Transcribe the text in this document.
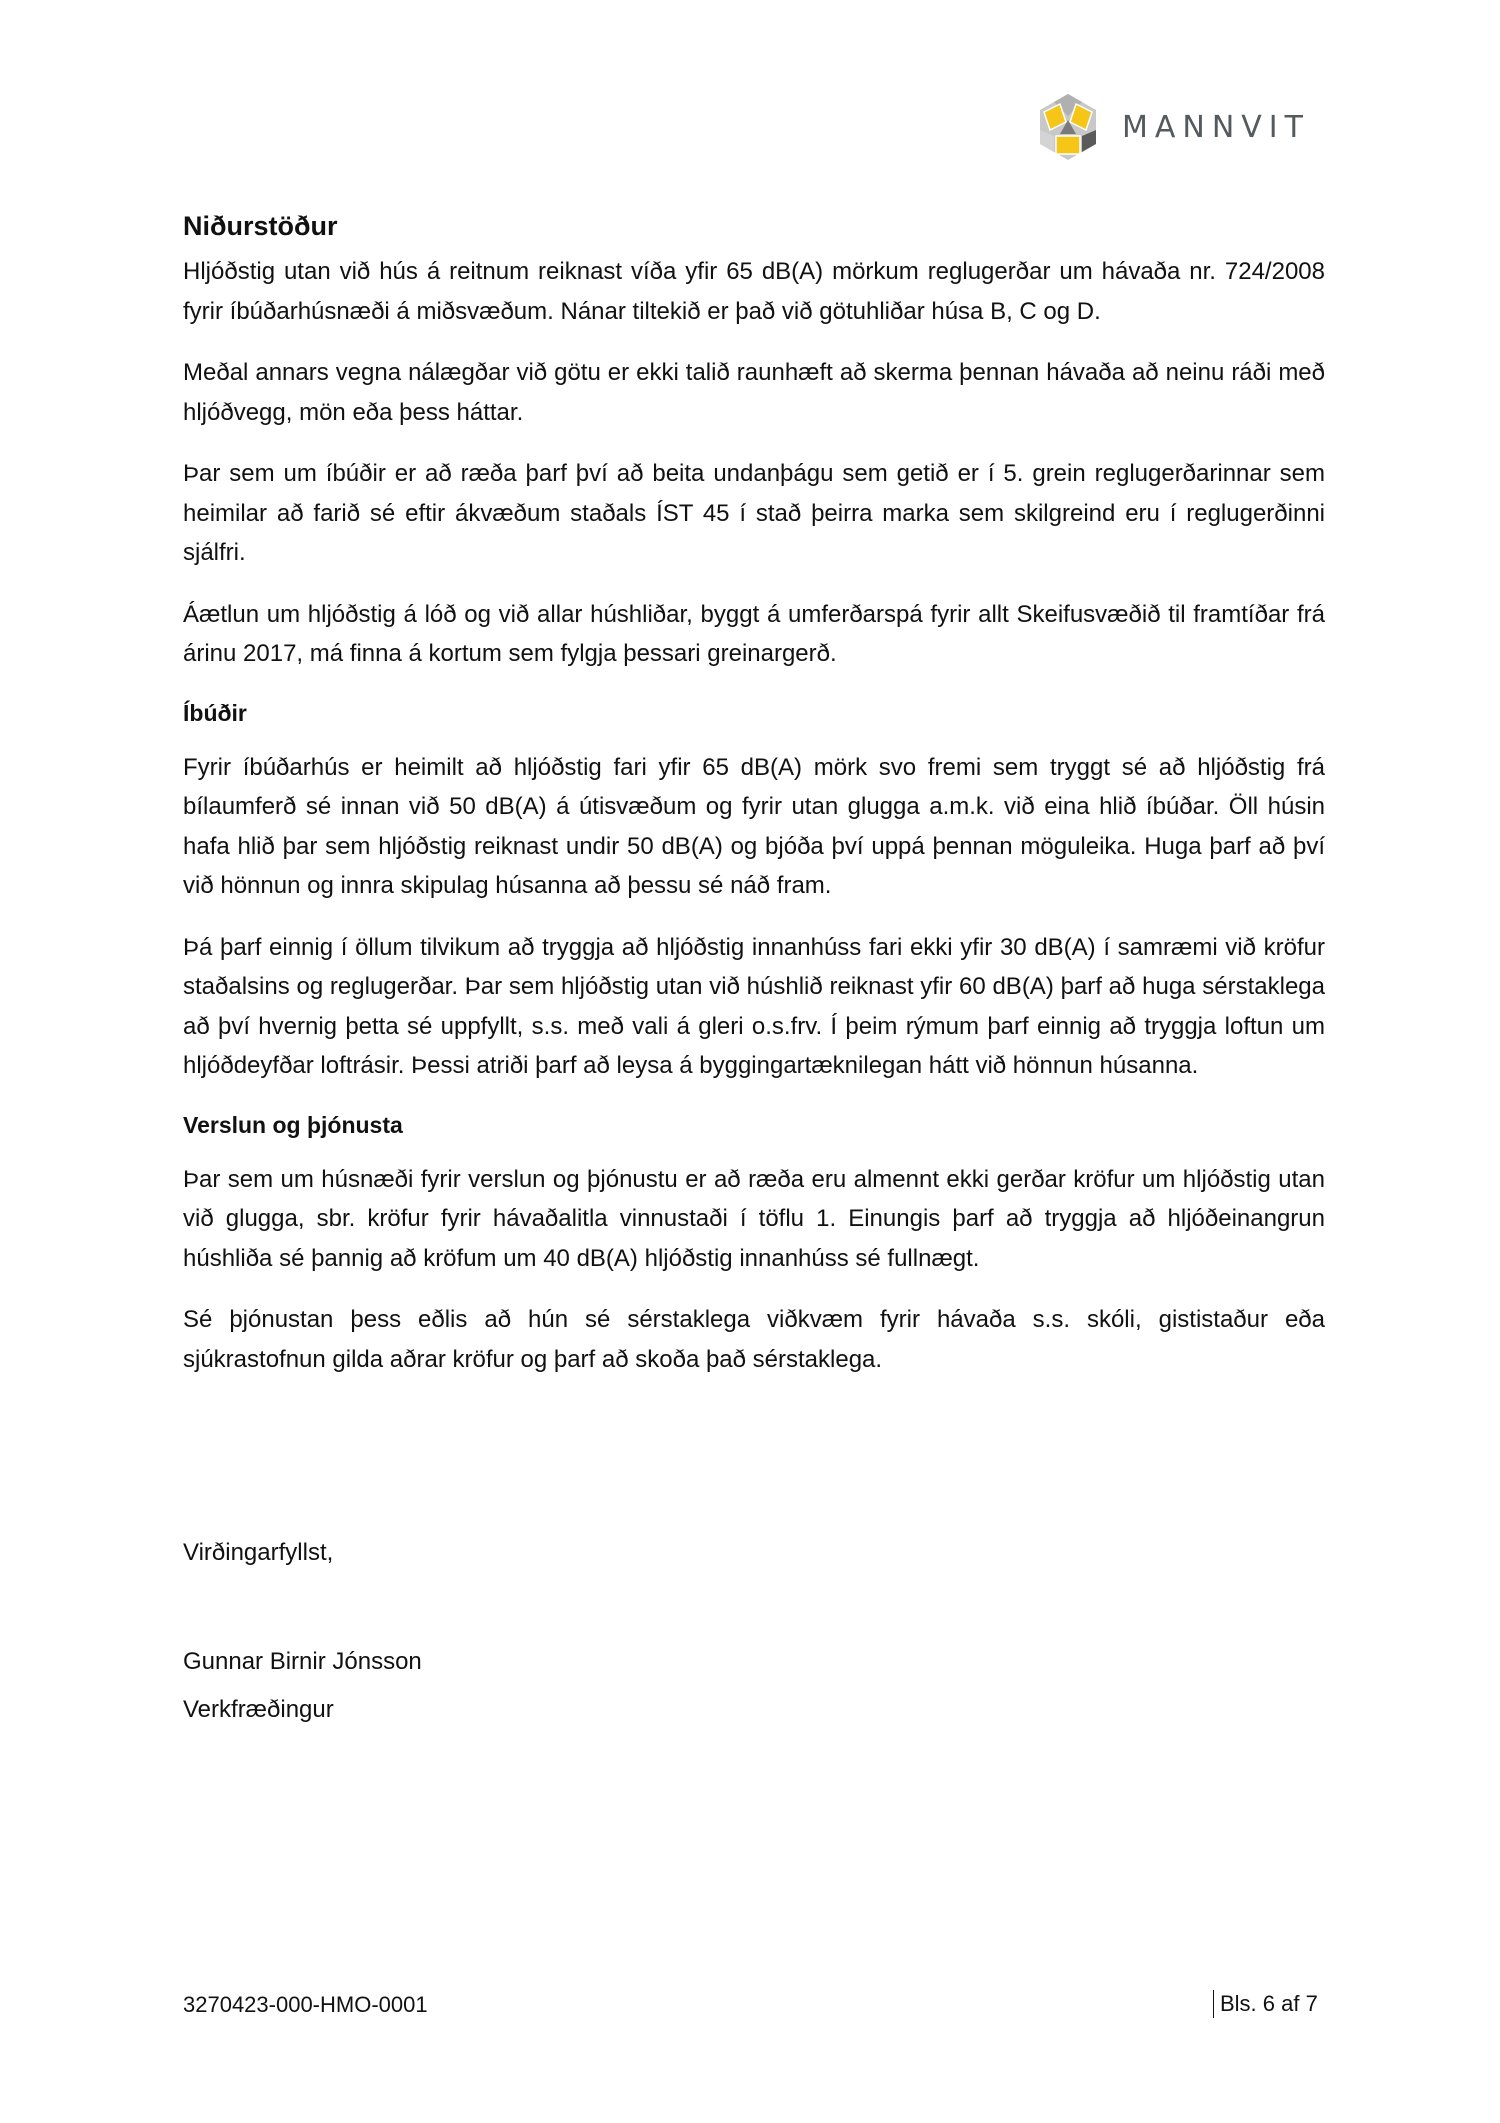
MANNVIT
Niðurstöður

Hljóðstig utan við hús á reitnum reiknast víða yfir 65 dB(A) mörkum reglugerðar um hávaða nr. 724/2008 fyrir íbúðarhúsnæði á miðsvæðum. Nánar tiltekið er það við götuhliðar húsa B, C og D.

Meðal annars vegna nálægðar við götu er ekki talið raunhæft að skerma þennan hávaða að neinu ráði með hljóðvegg, mön eða þess háttar.

Þar sem um íbúðir er að ræða þarf því að beita undanþágu sem getið er í 5. grein reglugerðarinnar sem heimilar að farið sé eftir ákvæðum staðals ÍST 45 í stað þeirra marka sem skilgreind eru í reglugerðinni sjálfri.

Áætlun um hljóðstig á lóð og við allar húshliðar, byggt á umferðarspá fyrir allt Skeifusvæðið til framtíðar frá árinu 2017, má finna á kortum sem fylgja þessari greinargerð.

Íbúðir

Fyrir íbúðarhús er heimilt að hljóðstig fari yfir 65 dB(A) mörk svo fremi sem tryggt sé að hljóðstig frá bílaumferð sé innan við 50 dB(A) á útisvæðum og fyrir utan glugga a.m.k. við eina hlið íbúðar. Öll húsin hafa hlið þar sem hljóðstig reiknast undir 50 dB(A) og bjóða því uppá þennan möguleika. Huga þarf að því við hönnun og innra skipulag húsanna að þessu sé náð fram.

Þá þarf einnig í öllum tilvikum að tryggja að hljóðstig innanhúss fari ekki yfir 30 dB(A) í samræmi við kröfur staðalsins og reglugerðar. Þar sem hljóðstig utan við húshlið reiknast yfir 60 dB(A) þarf að huga sérstaklega að því hvernig þetta sé uppfyllt, s.s. með vali á gleri o.s.frv. Í þeim rýmum þarf einnig að tryggja loftun um hljóðdeyfðar loftrásir. Þessi atriði þarf að leysa á byggingartæknilegan hátt við hönnun húsanna.

Verslun og þjónusta

Þar sem um húsnæði fyrir verslun og þjónustu er að ræða eru almennt ekki gerðar kröfur um hljóðstig utan við glugga, sbr. kröfur fyrir hávaðalitla vinnustaði í töflu 1. Einungis þarf að tryggja að hljóðeinangrun húshliða sé þannig að kröfum um 40 dB(A) hljóðstig innanhúss sé fullnægt.

Sé þjónustan þess eðlis að hún sé sérstaklega viðkvæm fyrir hávaða s.s. skóli, gististaður eða sjúkrastofnun gilda aðrar kröfur og þarf að skoða það sérstaklega.

Virðingarfyllst,
Gunnar Birnir Jónsson
Verkfræðingur
3270423-000-HMO-0001	Bls. 6 af 7
